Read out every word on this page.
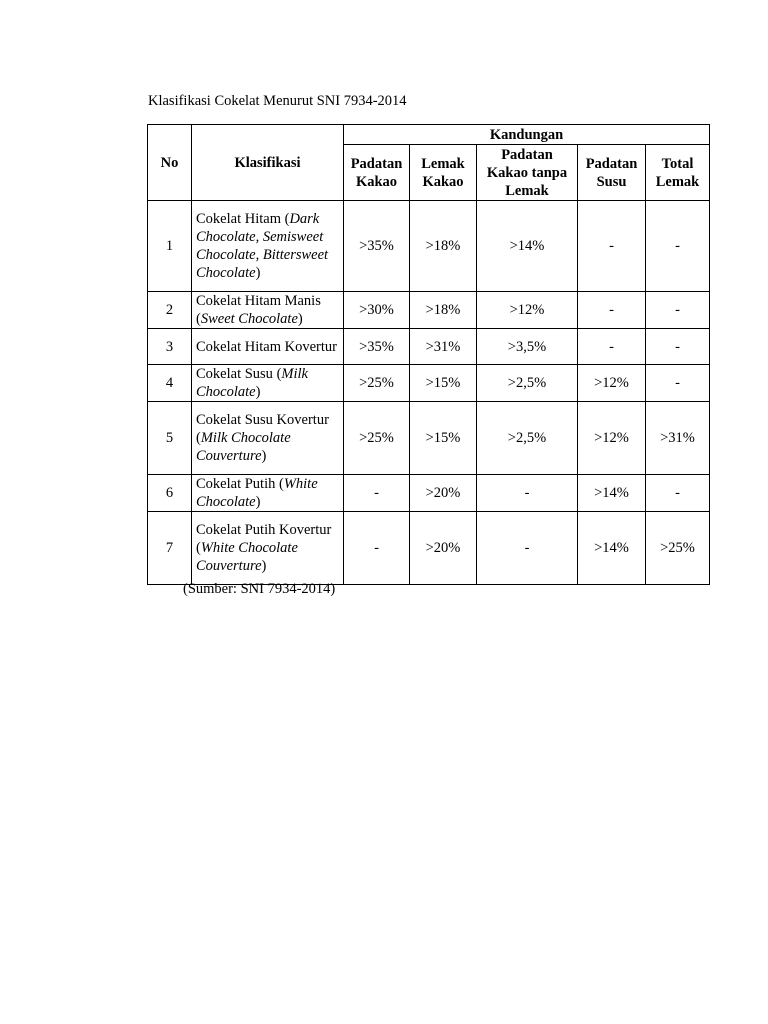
Klasifikasi Cokelat Menurut SNI 7934-2014
No	Klasifikasi	Kandungan				
		Padatan Kakao	Lemak Kakao	Padatan Kakao tanpa Lemak	Padatan Susu	Total Lemak
1	Cokelat Hitam (Dark Chocolate, Semisweet Chocolate, Bittersweet Chocolate)	>35%	>18%	>14%	-	-
2	Cokelat Hitam Manis (Sweet Chocolate)	>30%	>18%	>12%	-	-
3	Cokelat Hitam Kovertur	>35%	>31%	>3,5%	-	-
4	Cokelat Susu (Milk Chocolate)	>25%	>15%	>2,5%	>12%	-
5	Cokelat Susu Kovertur (Milk Chocolate Couverture)	>25%	>15%	>2,5%	>12%	>31%
6	Cokelat Putih (White Chocolate)	-	>20%	-	>14%	-
7	Cokelat Putih Kovertur (White Chocolate Couverture)	-	>20%	-	>14%	>25%
(Sumber: SNI 7934-2014)
